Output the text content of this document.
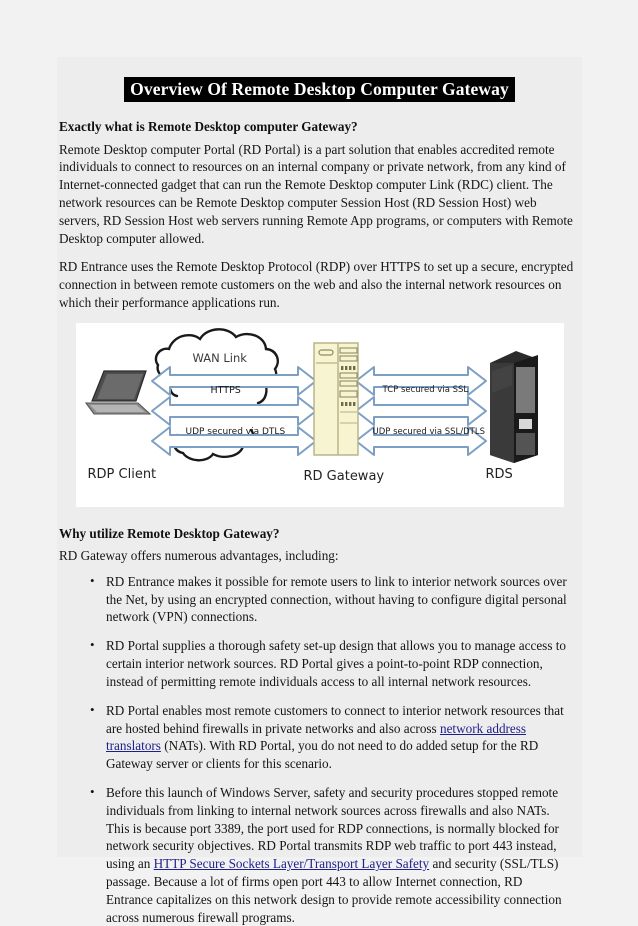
Overview Of Remote Desktop Computer Gateway
Exactly what is Remote Desktop computer Gateway?

Remote Desktop computer Portal (RD Portal) is a part solution that enables accredited remote individuals to connect to resources on an internal company or private network, from any kind of Internet-connected gadget that can run the Remote Desktop computer Link (RDC) client. The network resources can be Remote Desktop computer Session Host (RD Session Host) web servers, RD Session Host web servers running Remote App programs, or computers with Remote Desktop computer allowed.

RD Entrance uses the Remote Desktop Protocol (RDP) over HTTPS to set up a secure, encrypted connection in between remote customers on the web and also the internal network resources on which their performance applications run.

WAN Link
HTTPS
UDP secured via DTLS
TCP secured via SSL
UDP secured via SSL/DTLS
RDP Client	RD Gateway	RDS
Why utilize Remote Desktop Gateway?

RD Gateway offers numerous advantages, including:

• RD Entrance makes it possible for remote users to link to interior network sources over the Net, by using an encrypted connection, without having to configure digital personal network (VPN) connections.
• RD Portal supplies a thorough safety set-up design that allows you to manage access to certain interior network sources. RD Portal gives a point-to-point RDP connection, instead of permitting remote individuals access to all internal network resources.
• RD Portal enables most remote customers to connect to interior network resources that are hosted behind firewalls in private networks and also across network address translators (NATs). With RD Portal, you do not need to do added setup for the RD Gateway server or clients for this scenario.
• Before this launch of Windows Server, safety and security procedures stopped remote individuals from linking to internal network sources across firewalls and also NATs. This is because port 3389, the port used for RDP connections, is normally blocked for network security objectives. RD Portal transmits RDP web traffic to port 443 instead, using an HTTP Secure Sockets Layer/Transport Layer Safety and security (SSL/TLS) passage. Because a lot of firms open port 443 to allow Internet connection, RD Entrance capitalizes on this network design to provide remote accessibility connection across numerous firewall programs.
